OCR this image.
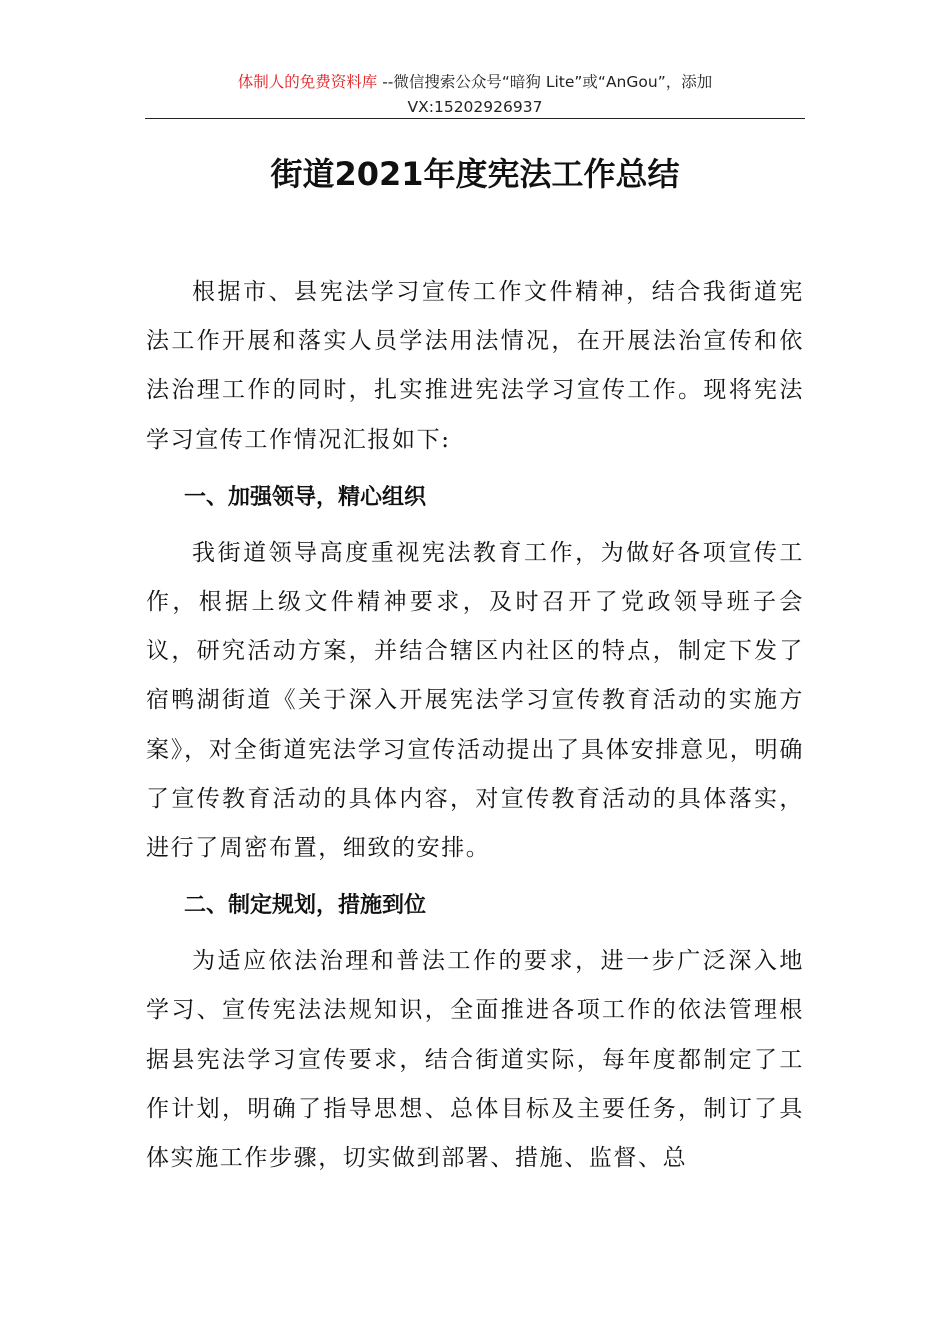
体制人的免费资料库 --微信搜索公众号“暗狗 Lite”或“AnGou”，添加
VX:15202926937
街道2021年度宪法工作总结

根据市、县宪法学习宣传工作文件精神，结合我街道宪法工作开展和落实人员学法用法情况，在开展法治宣传和依法治理工作的同时，扎实推进宪法学习宣传工作。现将宪法学习宣传工作情况汇报如下:

一、加强领导，精心组织

我街道领导高度重视宪法教育工作，为做好各项宣传工作，根据上级文件精神要求，及时召开了党政领导班子会议，研究活动方案，并结合辖区内社区的特点，制定下发了宿鸭湖街道《关于深入开展宪法学习宣传教育活动的实施方案》，对全街道宪法学习宣传活动提出了具体安排意见，明确了宣传教育活动的具体内容，对宣传教育活动的具体落实，进行了周密布置，细致的安排。

二、制定规划，措施到位

为适应依法治理和普法工作的要求，进一步广泛深入地学习、宣传宪法法规知识，全面推进各项工作的依法管理根据县宪法学习宣传要求，结合街道实际，每年度都制定了工作计划，明确了指导思想、总体目标及主要任务，制订了具体实施工作步骤，切实做到部署、措施、监督、总
